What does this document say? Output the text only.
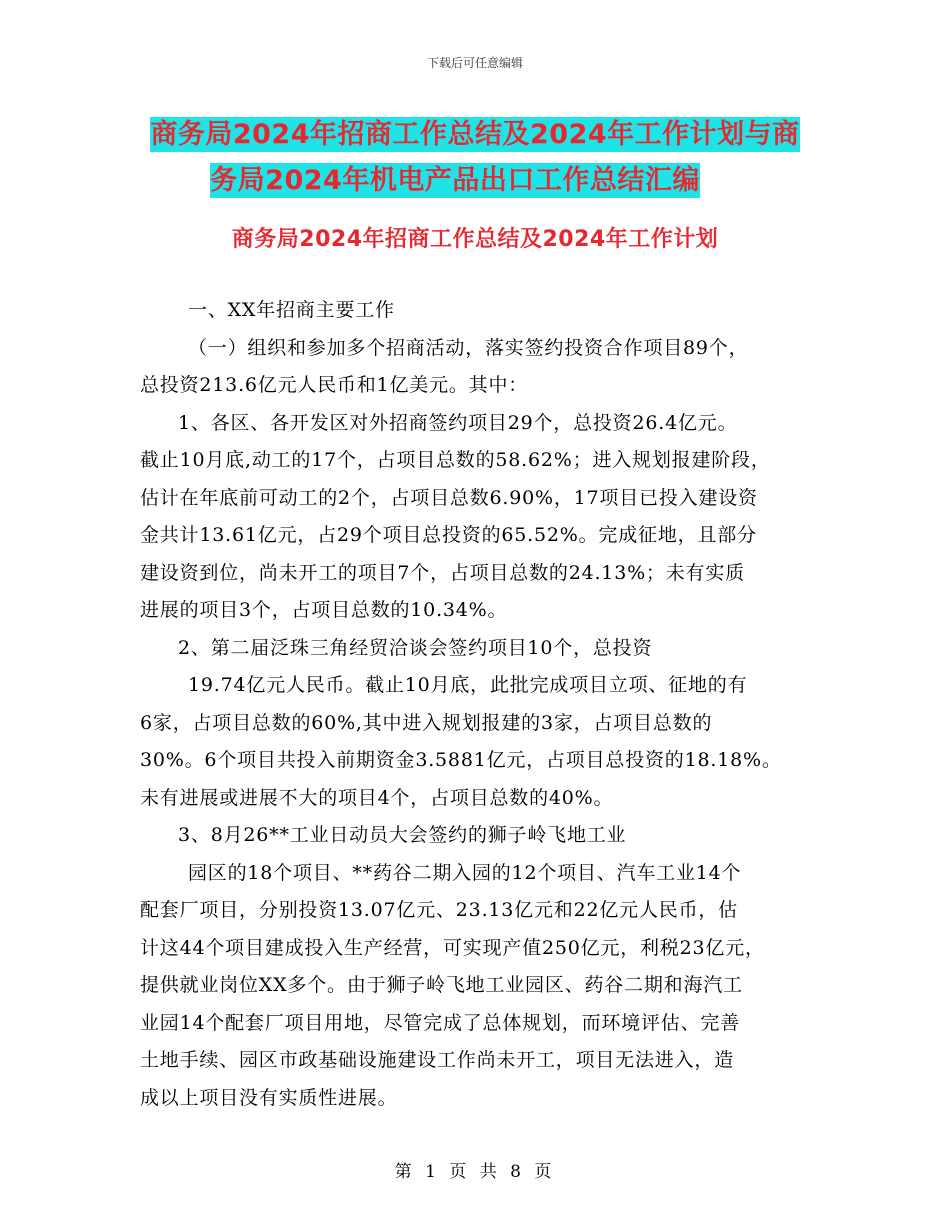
下载后可任意编辑
商务局2024年招商工作总结及2024年工作计划与商
务局2024年机电产品出口工作总结汇编
商务局2024年招商工作总结及2024年工作计划

一、XX年招商主要工作

（一）组织和参加多个招商活动，落实签约投资合作项目89个，

总投资213.6亿元人民币和1亿美元。其中：

1、各区、各开发区对外招商签约项目29个，总投资26.4亿元。

截止10月底,动工的17个，占项目总数的58.62%；进入规划报建阶段，

估计在年底前可动工的2个，占项目总数6.90%，17项目已投入建设资

金共计13.61亿元，占29个项目总投资的65.52%。完成征地，且部分

建设资到位，尚未开工的项目7个，占项目总数的24.13%；未有实质

进展的项目3个，占项目总数的10.34%。

2、第二届泛珠三角经贸洽谈会签约项目10个，总投资

19.74亿元人民币。截止10月底，此批完成项目立项、征地的有

6家，占项目总数的60%,其中进入规划报建的3家，占项目总数的

30%。6个项目共投入前期资金3.5881亿元，占项目总投资的18.18%。

未有进展或进展不大的项目4个，占项目总数的40%。

3、8月26**工业日动员大会签约的狮子岭飞地工业

园区的18个项目、**药谷二期入园的12个项目、汽车工业14个

配套厂项目，分别投资13.07亿元、23.13亿元和22亿元人民币，估

计这44个项目建成投入生产经营，可实现产值250亿元，利税23亿元，

提供就业岗位XX多个。由于狮子岭飞地工业园区、药谷二期和海汽工

业园14个配套厂项目用地，尽管完成了总体规划，而环境评估、完善

土地手续、园区市政基础设施建设工作尚未开工，项目无法进入，造

成以上项目没有实质性进展。

第 1 页 共 8 页
